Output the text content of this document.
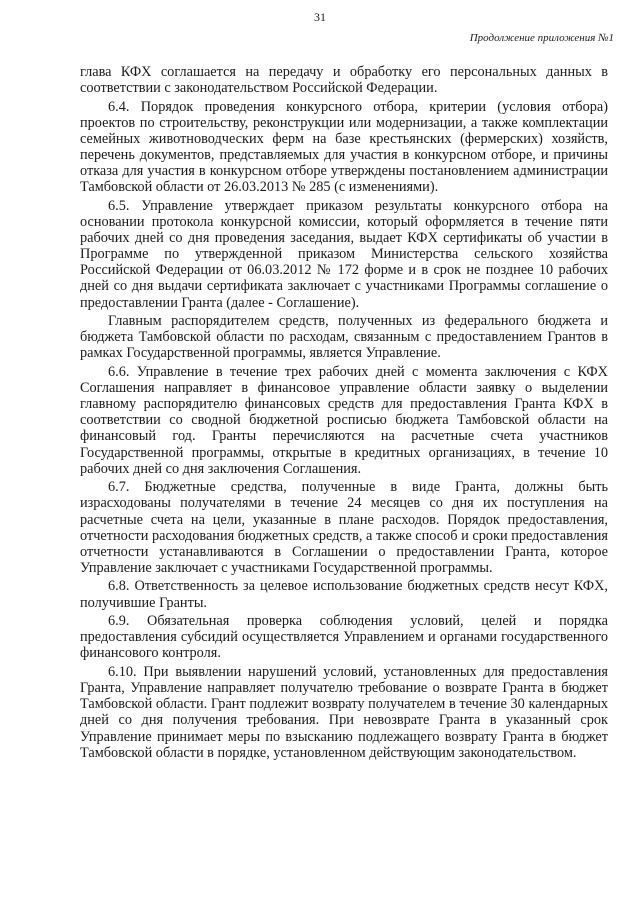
31
Продолжение приложения №1

глава КФХ соглашается на передачу и обработку его персональных данных в соответствии с законодательством Российской Федерации.

6.4. Порядок проведения конкурсного отбора, критерии (условия отбора) проектов по строительству, реконструкции или модернизации, а также комплектации семейных животноводческих ферм на базе крестьянских (фермерских) хозяйств, перечень документов, представляемых для участия в конкурсном отборе, и причины отказа для участия в конкурсном отборе утверждены постановлением администрации Тамбовской области от 26.03.2013 № 285 (с изменениями).

6.5. Управление утверждает приказом результаты конкурсного отбора на основании протокола конкурсной комиссии, который оформляется в течение пяти рабочих дней со дня проведения заседания, выдает КФХ сертификаты об участии в Программе по утвержденной приказом Министерства сельского хозяйства Российской Федерации от 06.03.2012 № 172 форме и в срок не позднее 10 рабочих дней со дня выдачи сертификата заключает с участниками Программы соглашение о предоставлении Гранта (далее - Соглашение).

Главным распорядителем средств, полученных из федерального бюджета и бюджета Тамбовской области по расходам, связанным с предоставлением Грантов в рамках Государственной программы, является Управление.

6.6. Управление в течение трех рабочих дней с момента заключения с КФХ Соглашения направляет в финансовое управление области заявку о выделении главному распорядителю финансовых средств для предоставления Гранта КФХ в соответствии со сводной бюджетной росписью бюджета Тамбовской области на финансовый год. Гранты перечисляются на расчетные счета участников Государственной программы, открытые в кредитных организациях, в течение 10 рабочих дней со дня заключения Соглашения.

6.7. Бюджетные средства, полученные в виде Гранта, должны быть израсходованы получателями в течение 24 месяцев со дня их поступления на расчетные счета на цели, указанные в плане расходов. Порядок предоставления, отчетности расходования бюджетных средств, а также способ и сроки предоставления отчетности устанавливаются в Соглашении о предоставлении Гранта, которое Управление заключает с участниками Государственной программы.

6.8. Ответственность за целевое использование бюджетных средств несут КФХ, получившие Гранты.

6.9. Обязательная проверка соблюдения условий, целей и порядка предоставления субсидий осуществляется Управлением и органами государственного финансового контроля.

6.10. При выявлении нарушений условий, установленных для предоставления Гранта, Управление направляет получателю требование о возврате Гранта в бюджет Тамбовской области. Грант подлежит возврату получателем в течение 30 календарных дней со дня получения требования. При невозврате Гранта в указанный срок Управление принимает меры по взысканию подлежащего возврату Гранта в бюджет Тамбовской области в порядке, установленном действующим законодательством.
